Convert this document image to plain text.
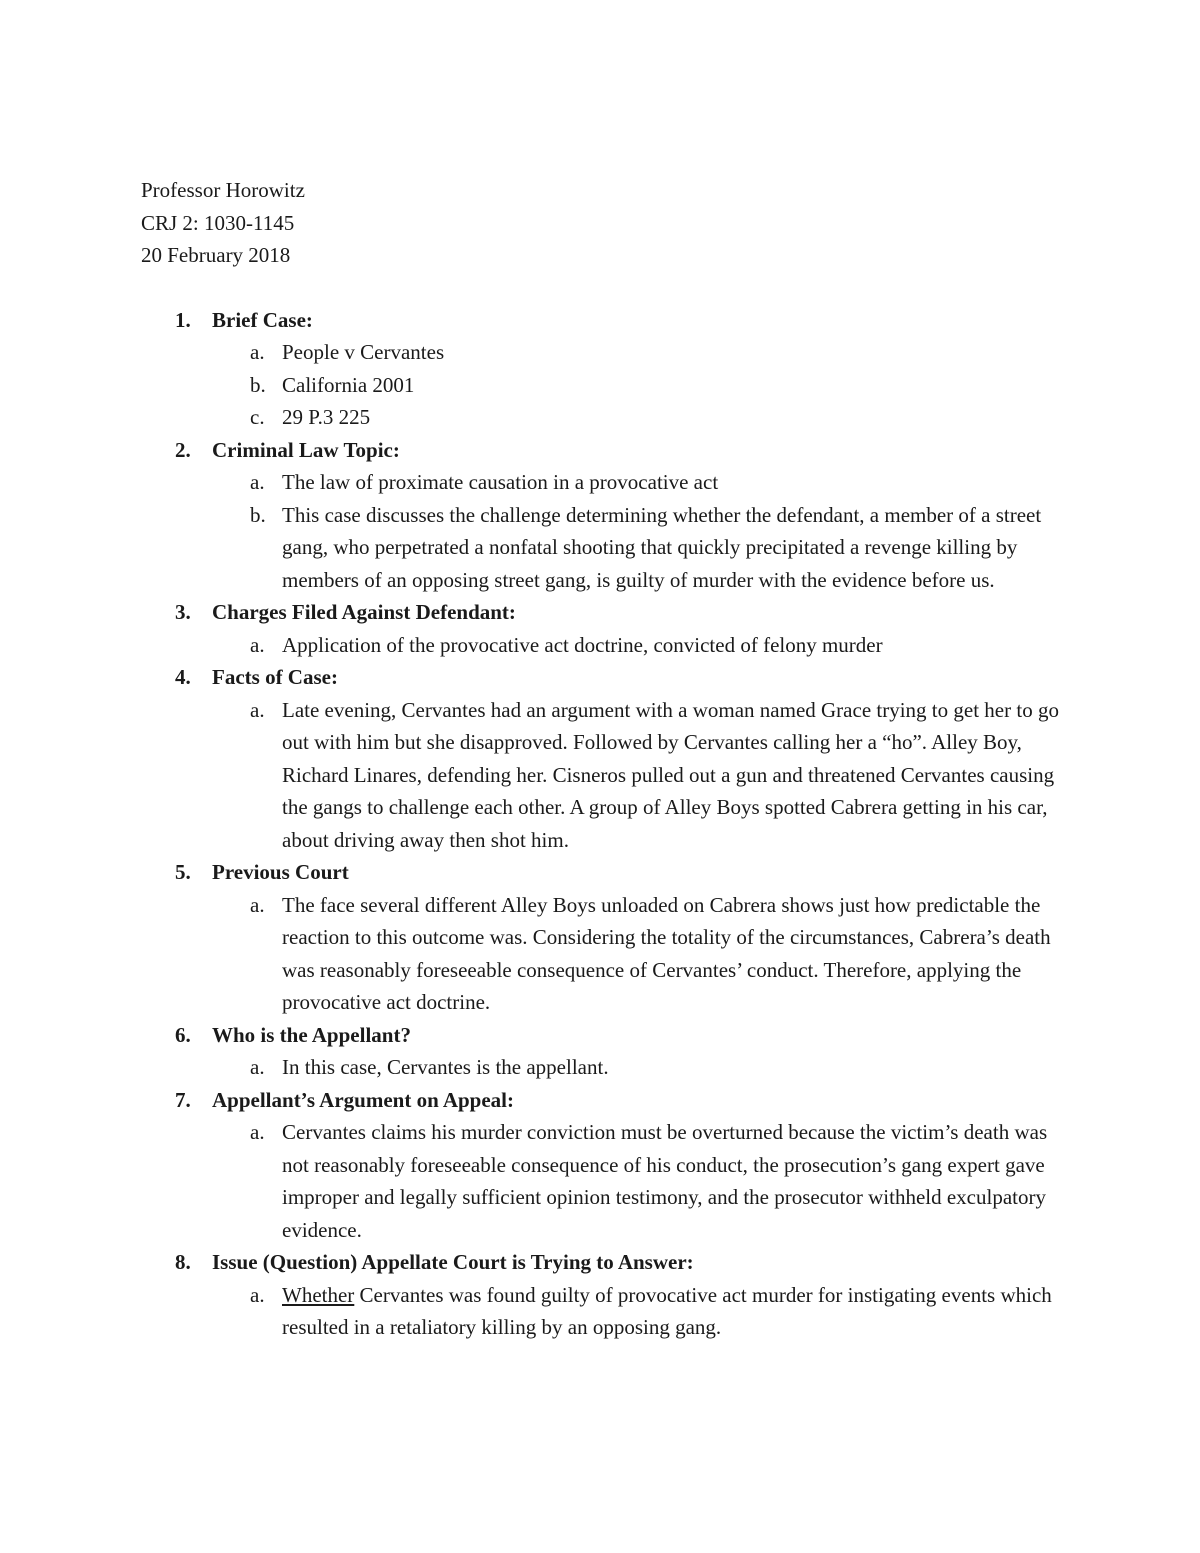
Professor Horowitz
CRJ 2: 1030-1145
20 February 2018
1. Brief Case:
a. People v Cervantes
b. California 2001
c. 29 P.3 225
2. Criminal Law Topic:
a. The law of proximate causation in a provocative act
b. This case discusses the challenge determining whether the defendant, a member of a street gang, who perpetrated a nonfatal shooting that quickly precipitated a revenge killing by members of an opposing street gang, is guilty of murder with the evidence before us.
3. Charges Filed Against Defendant:
a. Application of the provocative act doctrine, convicted of felony murder
4. Facts of Case:
a. Late evening, Cervantes had an argument with a woman named Grace trying to get her to go out with him but she disapproved. Followed by Cervantes calling her a “ho”. Alley Boy, Richard Linares, defending her. Cisneros pulled out a gun and threatened Cervantes causing the gangs to challenge each other. A group of Alley Boys spotted Cabrera getting in his car, about driving away then shot him.
5. Previous Court
a. The face several different Alley Boys unloaded on Cabrera shows just how predictable the reaction to this outcome was. Considering the totality of the circumstances, Cabrera’s death was reasonably foreseeable consequence of Cervantes’ conduct. Therefore, applying the provocative act doctrine.
6. Who is the Appellant?
a. In this case, Cervantes is the appellant.
7. Appellant’s Argument on Appeal:
a. Cervantes claims his murder conviction must be overturned because the victim’s death was not reasonably foreseeable consequence of his conduct, the prosecution’s gang expert gave improper and legally sufficient opinion testimony, and the prosecutor withheld exculpatory evidence.
8. Issue (Question) Appellate Court is Trying to Answer:
a. Whether Cervantes was found guilty of provocative act murder for instigating events which resulted in a retaliatory killing by an opposing gang.
